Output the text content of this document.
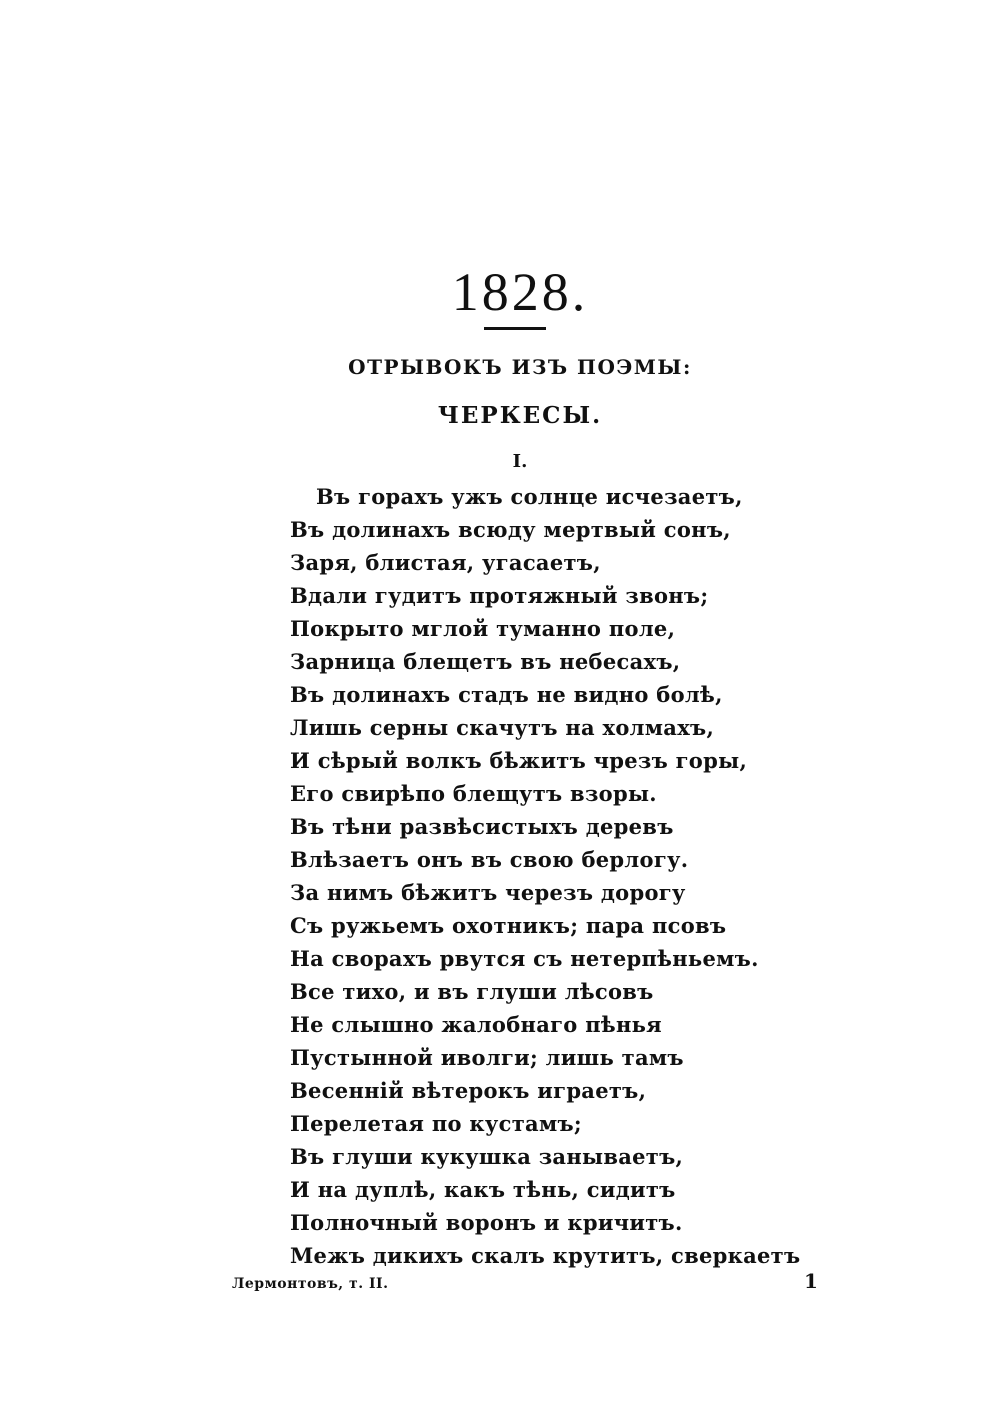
1828.
ОТРЫВОКЪ ИЗЪ ПОЭМЫ:
ЧЕРКЕСЫ.
I.
Въ горахъ ужъ солнце исчезаетъ,
Въ долинахъ всюду мертвый сонъ,
Заря, блистая, угасаетъ,
Вдали гудитъ протяжный звонъ;
Покрыто мглой туманно поле,
Зарница блещетъ въ небесахъ,
Въ долинахъ стадъ не видно болѣ,
Лишь серны скачутъ на холмахъ,
И сѣрый волкъ бѣжитъ чрезъ горы,
Его свирѣпо блещутъ взоры.
Въ тѣни развѣсистыхъ деревъ
Влѣзаетъ онъ въ свою берлогу.
За нимъ бѣжитъ черезъ дорогу
Съ ружьемъ охотникъ; пара псовъ
На сворахъ рвутся съ нетерпѣньемъ.
Все тихо, и въ глуши лѣсовъ
Не слышно жалобнаго пѣнья
Пустынной иволги; лишь тамъ
Весенній вѣтерокъ играетъ,
Перелетая по кустамъ;
Въ глуши кукушка занываетъ,
И на дуплѣ, какъ тѣнь, сидитъ
Полночный воронъ и кричитъ.
Межъ дикихъ скалъ крутитъ, сверкаетъ
Лермонтовъ, т. II.	1
